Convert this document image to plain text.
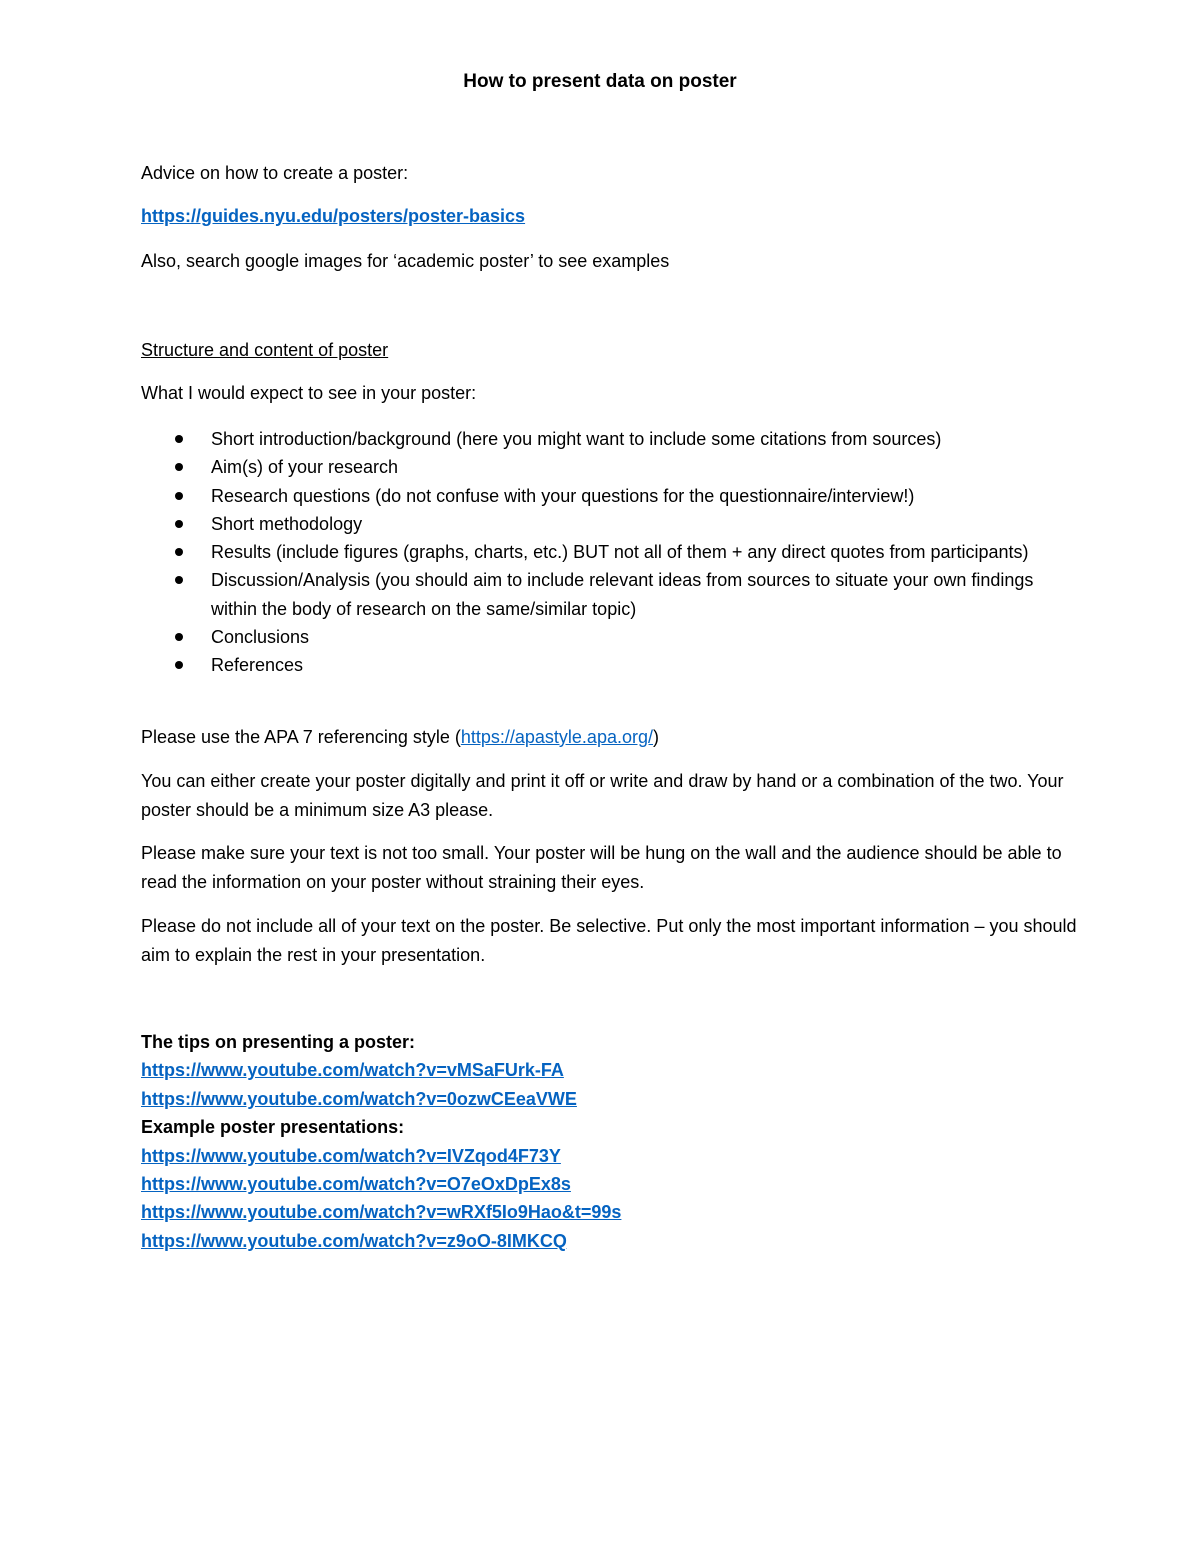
How to present data on poster
Advice on how to create a poster:
https://guides.nyu.edu/posters/poster-basics
Also, search google images for ‘academic poster’ to see examples
Structure and content of poster
What I would expect to see in your poster:
Short introduction/background (here you might want to include some citations from sources)
Aim(s) of your research
Research questions (do not confuse with your questions for the questionnaire/interview!)
Short methodology
Results (include figures (graphs, charts, etc.) BUT not all of them + any direct quotes from participants)
Discussion/Analysis (you should aim to include relevant ideas from sources to situate your own findings within the body of research on the same/similar topic)
Conclusions
References
Please use the APA 7 referencing style (https://apastyle.apa.org/)
You can either create your poster digitally and print it off or write and draw by hand or a combination of the two. Your poster should be a minimum size A3 please.
Please make sure your text is not too small. Your poster will be hung on the wall and the audience should be able to read the information on your poster without straining their eyes.
Please do not include all of your text on the poster. Be selective. Put only the most important information – you should aim to explain the rest in your presentation.
The tips on presenting a poster:
https://www.youtube.com/watch?v=vMSaFUrk-FA
https://www.youtube.com/watch?v=0ozwCEeaVWE
Example poster presentations:
https://www.youtube.com/watch?v=IVZqod4F73Y
https://www.youtube.com/watch?v=O7eOxDpEx8s
https://www.youtube.com/watch?v=wRXf5Io9Hao&t=99s
https://www.youtube.com/watch?v=z9oO-8IMKCQ
